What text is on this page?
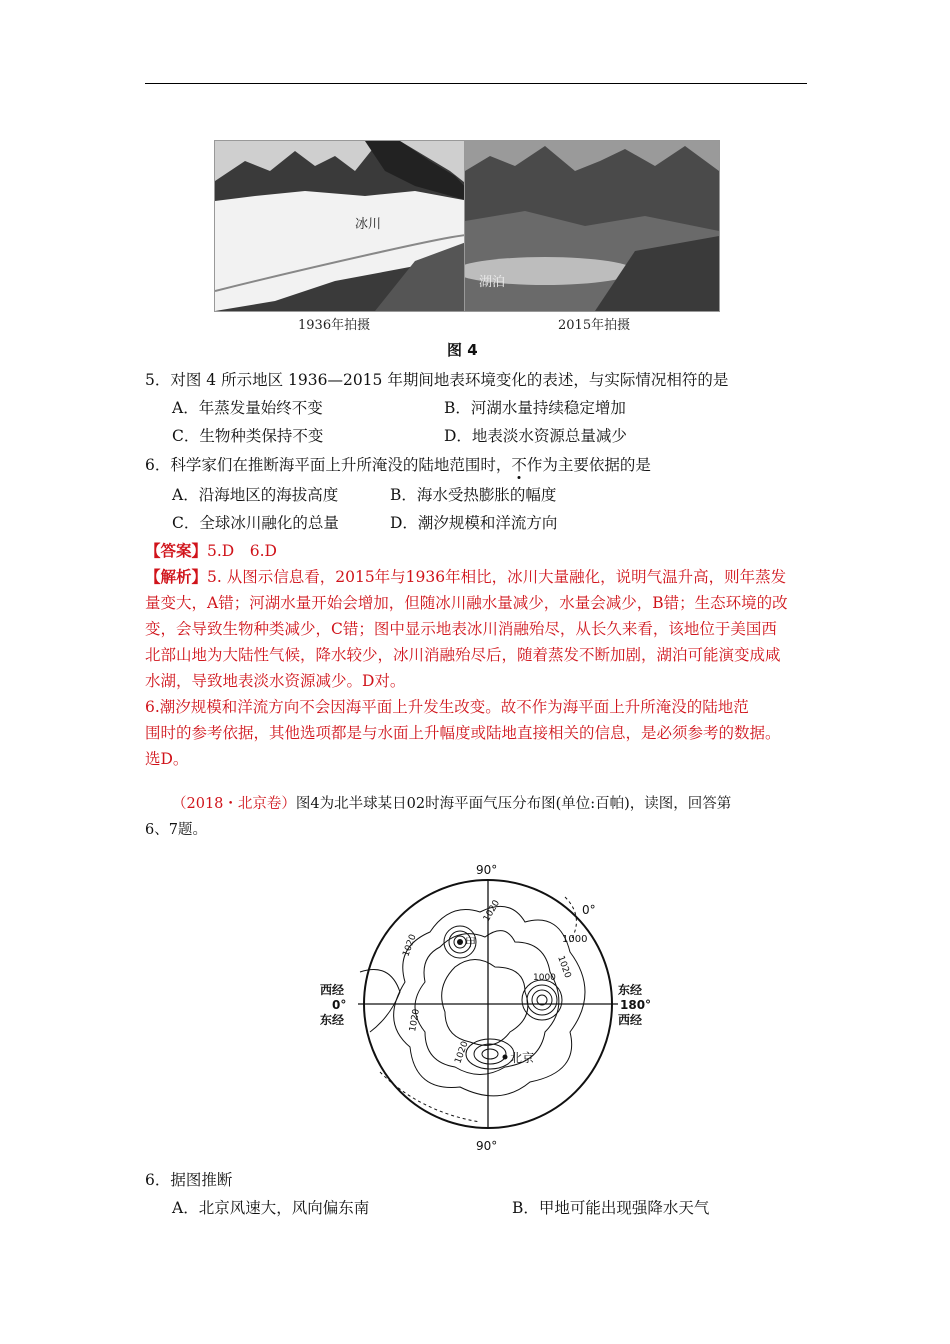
冰川
湖泊
1936年拍摄	2015年拍摄
图 4
5．对图 4 所示地区 1936—2015 年期间地表环境变化的表述，与实际情况相符的是
A．年蒸发量始终不变	B．河湖水量持续稳定增加
C．生物种类保持不变	D．地表淡水资源总量减少
6．科学家们在推断海平面上升所淹没的陆地范围时，不作为主要依据的是
A．沿海地区的海拔高度	B．海水受热膨胀的幅度
C．全球冰川融化的总量	D．潮汐规模和洋流方向
【答案】5.D　6.D
【解析】5. 从图示信息看，2015年与1936年相比，冰川大量融化，说明气温升高，则年蒸发
量变大，A错；河湖水量开始会增加，但随冰川融水量减少，水量会减少，B错；生态环境的改
变，会导致生物种类减少，C错；图中显示地表冰川消融殆尽，从长久来看，该地位于美国西
北部山地为大陆性气候，降水较少，冰川消融殆尽后，随着蒸发不断加剧，湖泊可能演变成咸
水湖，导致地表淡水资源减少。D对。
6.潮汐规模和洋流方向不会因海平面上升发生改变。故不作为海平面上升所淹没的陆地范
围时的参考依据，其他选项都是与水面上升幅度或陆地直接相关的信息，是必须参考的数据。
选D。
（2018・北京卷）图4为北半球某日02时海平面气压分布图(单位:百帕)，读图，回答第
6、7题。
90°
90°
0°
西经
0°
东经
东经
180°
西经
甲
北京
1000
1000
1020
1020
1020
1020
1020
6．据图推断
A．北京风速大，风向偏东南	B．甲地可能出现强降水天气
